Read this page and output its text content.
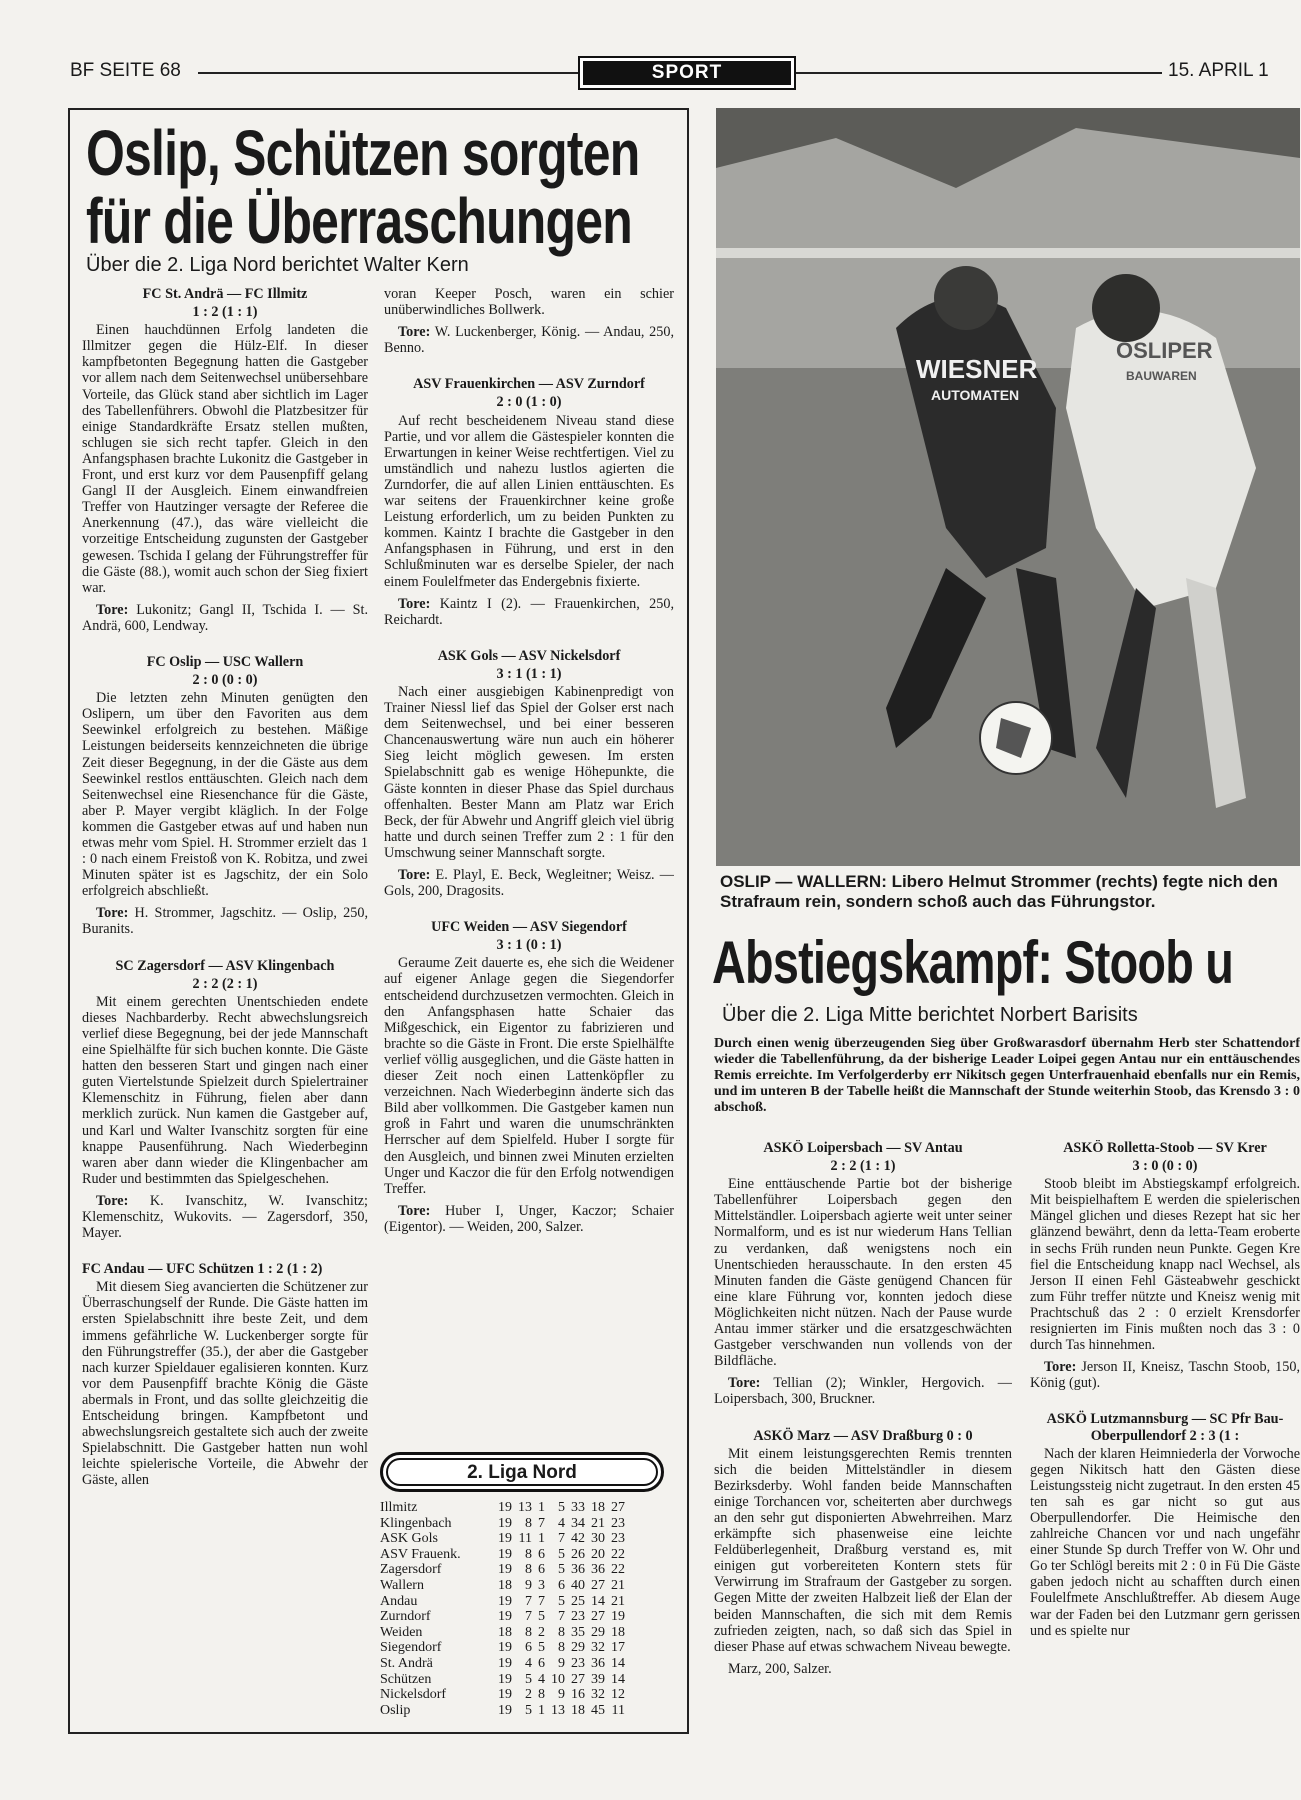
BF SEITE 68	SPORT	15. APRIL 1
Oslip, Schützen sorgten
für die Überraschungen
Über die 2. Liga Nord berichtet Walter Kern
FC St. Andrä — FC Illmitz
1 : 2 (1 : 1)

Einen hauchdünnen Erfolg landeten die Illmitzer gegen die Hülz-Elf. In dieser kampfbetonten Begegnung hatten die Gastgeber vor allem nach dem Seitenwechsel unübersehbare Vorteile, das Glück stand aber sichtlich im Lager des Tabellenführers. Obwohl die Platzbesitzer für einige Standardkräfte Ersatz stellen mußten, schlugen sie sich recht tapfer. Gleich in den Anfangsphasen brachte Lukonitz die Gastgeber in Front, und erst kurz vor dem Pausenpfiff gelang Gangl II der Ausgleich. Einem einwandfreien Treffer von Hautzinger versagte der Referee die Anerkennung (47.), das wäre vielleicht die vorzeitige Entscheidung zugunsten der Gastgeber gewesen. Tschida I gelang der Führungstreffer für die Gäste (88.), womit auch schon der Sieg fixiert war.

Tore: Lukonitz; Gangl II, Tschida I. — St. Andrä, 600, Lendway.

FC Oslip — USC Wallern
2 : 0 (0 : 0)

Die letzten zehn Minuten genügten den Oslipern, um über den Favoriten aus dem Seewinkel erfolgreich zu bestehen. Mäßige Leistungen beiderseits kennzeichneten die übrige Zeit dieser Begegnung, in der die Gäste aus dem Seewinkel restlos enttäuschten. Gleich nach dem Seitenwechsel eine Riesenchance für die Gäste, aber P. Mayer vergibt kläglich. In der Folge kommen die Gastgeber etwas auf und haben nun etwas mehr vom Spiel. H. Strommer erzielt das 1 : 0 nach einem Freistoß von K. Robitza, und zwei Minuten später ist es Jagschitz, der ein Solo erfolgreich abschließt.

Tore: H. Strommer, Jagschitz. — Oslip, 250, Buranits.

SC Zagersdorf — ASV Klingenbach
2 : 2 (2 : 1)

Mit einem gerechten Unentschieden endete dieses Nachbarderby. Recht abwechslungsreich verlief diese Begegnung, bei der jede Mannschaft eine Spielhälfte für sich buchen konnte. Die Gäste hatten den besseren Start und gingen nach einer guten Viertelstunde Spielzeit durch Spielertrainer Klemenschitz in Führung, fielen aber dann merklich zurück. Nun kamen die Gastgeber auf, und Karl und Walter Ivanschitz sorgten für eine knappe Pausenführung. Nach Wiederbeginn waren aber dann wieder die Klingenbacher am Ruder und bestimmten das Spielgeschehen.

Tore: K. Ivanschitz, W. Ivanschitz; Klemenschitz, Wukovits. — Zagersdorf, 350, Mayer.

FC Andau — UFC Schützen 1 : 2 (1 : 2)

Mit diesem Sieg avancierten die Schützener zur Überraschungself der Runde. Die Gäste hatten im ersten Spielabschnitt ihre beste Zeit, und dem immens gefährliche W. Luckenberger sorgte für den Führungstreffer (35.), der aber die Gastgeber nach kurzer Spieldauer egalisieren konnten. Kurz vor dem Pausenpfiff brachte König die Gäste abermals in Front, und das sollte gleichzeitig die Entscheidung bringen. Kampfbetont und abwechslungsreich gestaltete sich auch der zweite Spielabschnitt. Die Gastgeber hatten nun wohl leichte spielerische Vorteile, die Abwehr der Gäste, allen

voran Keeper Posch, waren ein schier unüberwindliches Bollwerk.

Tore: W. Luckenberger, König. — Andau, 250, Benno.

ASV Frauenkirchen — ASV Zurndorf
2 : 0 (1 : 0)

Auf recht bescheidenem Niveau stand diese Partie, und vor allem die Gästespieler konnten die Erwartungen in keiner Weise rechtfertigen. Viel zu umständlich und nahezu lustlos agierten die Zurndorfer, die auf allen Linien enttäuschten. Es war seitens der Frauenkirchner keine große Leistung erforderlich, um zu beiden Punkten zu kommen. Kaintz I brachte die Gastgeber in den Anfangsphasen in Führung, und erst in den Schlußminuten war es derselbe Spieler, der nach einem Foulelfmeter das Endergebnis fixierte.

Tore: Kaintz I (2). — Frauenkirchen, 250, Reichardt.

ASK Gols — ASV Nickelsdorf
3 : 1 (1 : 1)

Nach einer ausgiebigen Kabinenpredigt von Trainer Niessl lief das Spiel der Golser erst nach dem Seitenwechsel, und bei einer besseren Chancenauswertung wäre nun auch ein höherer Sieg leicht möglich gewesen. Im ersten Spielabschnitt gab es wenige Höhepunkte, die Gäste konnten in dieser Phase das Spiel durchaus offenhalten. Bester Mann am Platz war Erich Beck, der für Abwehr und Angriff gleich viel übrig hatte und durch seinen Treffer zum 2 : 1 für den Umschwung seiner Mannschaft sorgte.

Tore: E. Playl, E. Beck, Wegleitner; Weisz. — Gols, 200, Dragosits.

UFC Weiden — ASV Siegendorf
3 : 1 (0 : 1)

Geraume Zeit dauerte es, ehe sich die Weidener auf eigener Anlage gegen die Siegendorfer entscheidend durchzusetzen vermochten. Gleich in den Anfangsphasen hatte Schaier das Mißgeschick, ein Eigentor zu fabrizieren und brachte so die Gäste in Front. Die erste Spielhälfte verlief völlig ausgeglichen, und die Gäste hatten in dieser Zeit noch einen Lattenköpfler zu verzeichnen. Nach Wiederbeginn änderte sich das Bild aber vollkommen. Die Gastgeber kamen nun groß in Fahrt und waren die unumschränkten Herrscher auf dem Spielfeld. Huber I sorgte für den Ausgleich, und binnen zwei Minuten erzielten Unger und Kaczor die für den Erfolg notwendigen Treffer.

Tore: Huber I, Unger, Kaczor; Schaier (Eigentor). — Weiden, 200, Salzer.

2. Liga Nord
Illmitz	19	13	1	5	33	18	27
Klingenbach	19	8	7	4	34	21	23
ASK Gols	19	11	1	7	42	30	23
ASV Frauenk.	19	8	6	5	26	20	22
Zagersdorf	19	8	6	5	36	36	22
Wallern	18	9	3	6	40	27	21
Andau	19	7	7	5	25	14	21
Zurndorf	19	7	5	7	23	27	19
Weiden	18	8	2	8	35	29	18
Siegendorf	19	6	5	8	29	32	17
St. Andrä	19	4	6	9	23	36	14
Schützen	19	5	4	10	27	39	14
Nickelsdorf	19	2	8	9	16	32	12
Oslip	19	5	1	13	18	45	11
WIESNER
AUTOMATEN
OSLIPER
BAUWAREN
OSLIP — WALLERN: Libero Helmut Strommer (rechts) fegte nich den Strafraum rein, sondern schoß auch das Führungstor.
Abstiegskampf: Stoob u
Über die 2. Liga Mitte berichtet Norbert Barisits
Durch einen wenig überzeugenden Sieg über Großwarasdorf übernahm Herb ster Schattendorf wieder die Tabellenführung, da der bisherige Leader Loipei gegen Antau nur ein enttäuschendes Remis erreichte. Im Verfolgerderby err Nikitsch gegen Unterfrauenhaid ebenfalls nur ein Remis, und im unteren B der Tabelle heißt die Mannschaft der Stunde weiterhin Stoob, das Krensdo 3 : 0 abschoß.
ASKÖ Loipersbach — SV Antau
2 : 2 (1 : 1)

Eine enttäuschende Partie bot der bisherige Tabellenführer Loipersbach gegen den Mittelständler. Loipersbach agierte weit unter seiner Normalform, und es ist nur wiederum Hans Tellian zu verdanken, daß wenigstens noch ein Unentschieden herausschaute. In den ersten 45 Minuten fanden die Gäste genügend Chancen für eine klare Führung vor, konnten jedoch diese Möglichkeiten nicht nützen. Nach der Pause wurde Antau immer stärker und die ersatzgeschwächten Gastgeber verschwanden nun vollends von der Bildfläche.

Tore: Tellian (2); Winkler, Hergovich. — Loipersbach, 300, Bruckner.

ASKÖ Marz — ASV Draßburg 0 : 0

Mit einem leistungsgerechten Remis trennten sich die beiden Mittelständler in diesem Bezirksderby. Wohl fanden beide Mannschaften einige Torchancen vor, scheiterten aber durchwegs an den sehr gut disponierten Abwehrreihen. Marz erkämpfte sich phasenweise eine leichte Feldüberlegenheit, Draßburg verstand es, mit einigen gut vorbereiteten Kontern stets für Verwirrung im Strafraum der Gastgeber zu sorgen. Gegen Mitte der zweiten Halbzeit ließ der Elan der beiden Mannschaften, die sich mit dem Remis zufrieden zeigten, nach, so daß sich das Spiel in dieser Phase auf etwas schwachem Niveau bewegte.

Marz, 200, Salzer.

ASKÖ Rolletta-Stoob — SV Krer
3 : 0 (0 : 0)

Stoob bleibt im Abstiegskampf erfolgreich. Mit beispielhaftem E werden die spielerischen Mängel glichen und dieses Rezept hat sic her glänzend bewährt, denn da letta-Team eroberte in sechs Früh runden neun Punkte. Gegen Kre fiel die Entscheidung knapp nacl Wechsel, als Jerson II einen Fehl Gästeabwehr geschickt zum Führ treffer nützte und Kneisz wenig mit Prachtschuß das 2 : 0 erzielt Krensdorfer resignierten im Finis mußten noch das 3 : 0 durch Tas hinnehmen.

Tore: Jerson II, Kneisz, Taschn Stoob, 150, König (gut).

ASKÖ Lutzmannsburg — SC Pfr Bau-Oberpullendorf 2 : 3 (1 :

Nach der klaren Heimniederla der Vorwoche gegen Nikitsch hatt den Gästen diese Leistungssteig nicht zugetraut. In den ersten 45 ten sah es gar nicht so gut aus Oberpullendorfer. Die Heimische den zahlreiche Chancen vor und nach ungefähr einer Stunde Sp durch Treffer von W. Ohr und Go ter Schlögl bereits mit 2 : 0 in Fü Die Gäste gaben jedoch nicht au schafften durch einen Foulelfmete Anschlußtreffer. Ab diesem Auge war der Faden bei den Lutzmanr gern gerissen und es spielte nur
